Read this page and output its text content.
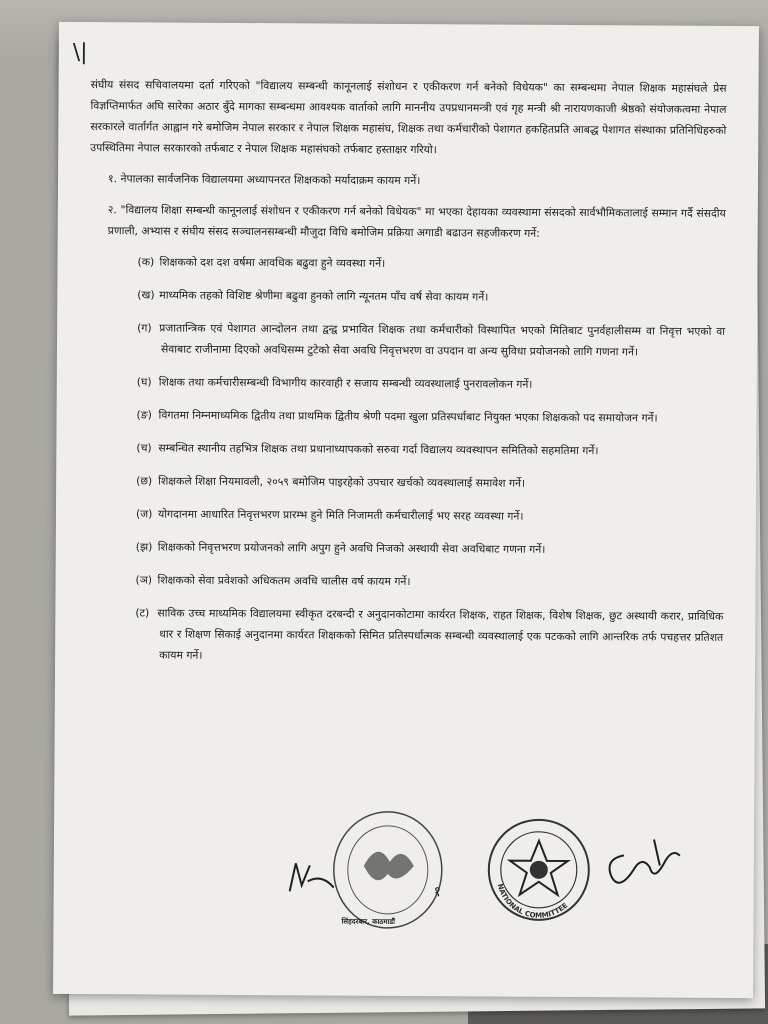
\|

संघीय संसद सचिवालयमा दर्ता गरिएको "विद्यालय सम्बन्धी कानूनलाई संशोधन र एकीकरण गर्न बनेको विधेयक" का सम्बन्धमा नेपाल शिक्षक महासंघले प्रेस विज्ञप्तिमार्फत अघि सारेका अठार बुँदे मागका सम्बन्धमा आवश्यक वार्ताको लागि माननीय उपप्रधानमन्त्री एवं गृह मन्त्री श्री नारायणकाजी श्रेष्ठको संयोजकत्वमा नेपाल सरकारले वार्तार्गत आह्वान गरे बमोजिम नेपाल सरकार र नेपाल शिक्षक महासंघ, शिक्षक तथा कर्मचारीको पेशागत हकहितप्रति आबद्ध पेशागत संस्थाका प्रतिनिधिहरुको उपस्थितिमा नेपाल सरकारको तर्फबाट र नेपाल शिक्षक महासंघको तर्फबाट हस्ताक्षर गरियो।

१. नेपालका सार्वजनिक विद्यालयमा अध्यापनरत शिक्षकको मर्यादाक्रम कायम गर्ने।

२. "विद्यालय शिक्षा सम्बन्धी कानूनलाई संशोधन र एकीकरण गर्न बनेको विधेयक" मा भएका देहायका व्यवस्थामा संसदको सार्वभौमिकतालाई सम्मान गर्दै संसदीय प्रणाली, अभ्यास र संघीय संसद सञ्चालनसम्बन्धी मौजुदा विधि बमोजिम प्रक्रिया अगाडी बढाउन सहजीकरण गर्ने:

(क) शिक्षकको दश दश वर्षमा आवधिक बढुवा हुने व्यवस्था गर्ने।

(ख) माध्यमिक तहको विशिष्ट श्रेणीमा बढुवा हुनको लागि न्यूनतम पाँच वर्ष सेवा कायम गर्ने।

(ग) प्रजातान्त्रिक एवं पेशागत आन्दोलन तथा द्वन्द्व प्रभावित शिक्षक तथा कर्मचारीको विस्थापित भएको मितिबाट पुनर्वहालीसम्म वा निवृत्त भएको वा सेवाबाट राजीनामा दिएको अवधिसम्म टुटेको सेवा अवधि निवृत्तभरण वा उपदान वा अन्य सुविधा प्रयोजनको लागि गणना गर्ने।

(घ) शिक्षक तथा कर्मचारीसम्बन्धी विभागीय कारवाही र सजाय सम्बन्धी व्यवस्थालाई पुनरावलोकन गर्ने।

(ङ) विगतमा निम्नमाध्यमिक द्वितीय तथा प्राथमिक द्वितीय श्रेणी पदमा खुला प्रतिस्पर्धाबाट नियुक्त भएका शिक्षकको पद समायोजन गर्ने।

(च) सम्बन्धित स्थानीय तहभित्र शिक्षक तथा प्रधानाध्यापकको सरुवा गर्दा विद्यालय व्यवस्थापन समितिको सहमतिमा गर्ने।

(छ) शिक्षकले शिक्षा नियमावली, २०५९ बमोजिम पाइरहेको उपचार खर्चको व्यवस्थालाई समावेश गर्ने।

(ज) योगदानमा आधारित निवृत्तभरण प्रारम्भ हुने मिति निजामती कर्मचारीलाई भए सरह व्यवस्था गर्ने।

(झ) शिक्षकको निवृत्तभरण प्रयोजनको लागि अपुग हुने अवधि निजको अस्थायी सेवा अवधिबाट गणना गर्ने।

(ञ) शिक्षकको सेवा प्रवेशको अधिकतम अवधि चालीस वर्ष कायम गर्ने।

(ट) साविक उच्च माध्यमिक विद्यालयमा स्वीकृत दरबन्दी र अनुदानकोटामा कार्यरत शिक्षक, राहत शिक्षक, विशेष शिक्षक, छुट अस्थायी करार, प्राविधिक धार र शिक्षण सिकाई अनुदानमा कार्यरत शिक्षकको सिमित प्रतिस्पर्धात्मक सम्बन्धी व्यवस्थालाई एक पटकको लागि आन्तरिक तर्फ पचहत्तर प्रतिशत कायम गर्ने।

सिंहदरबार, काठमाडौं
१	NATIONAL COMMITTEE
